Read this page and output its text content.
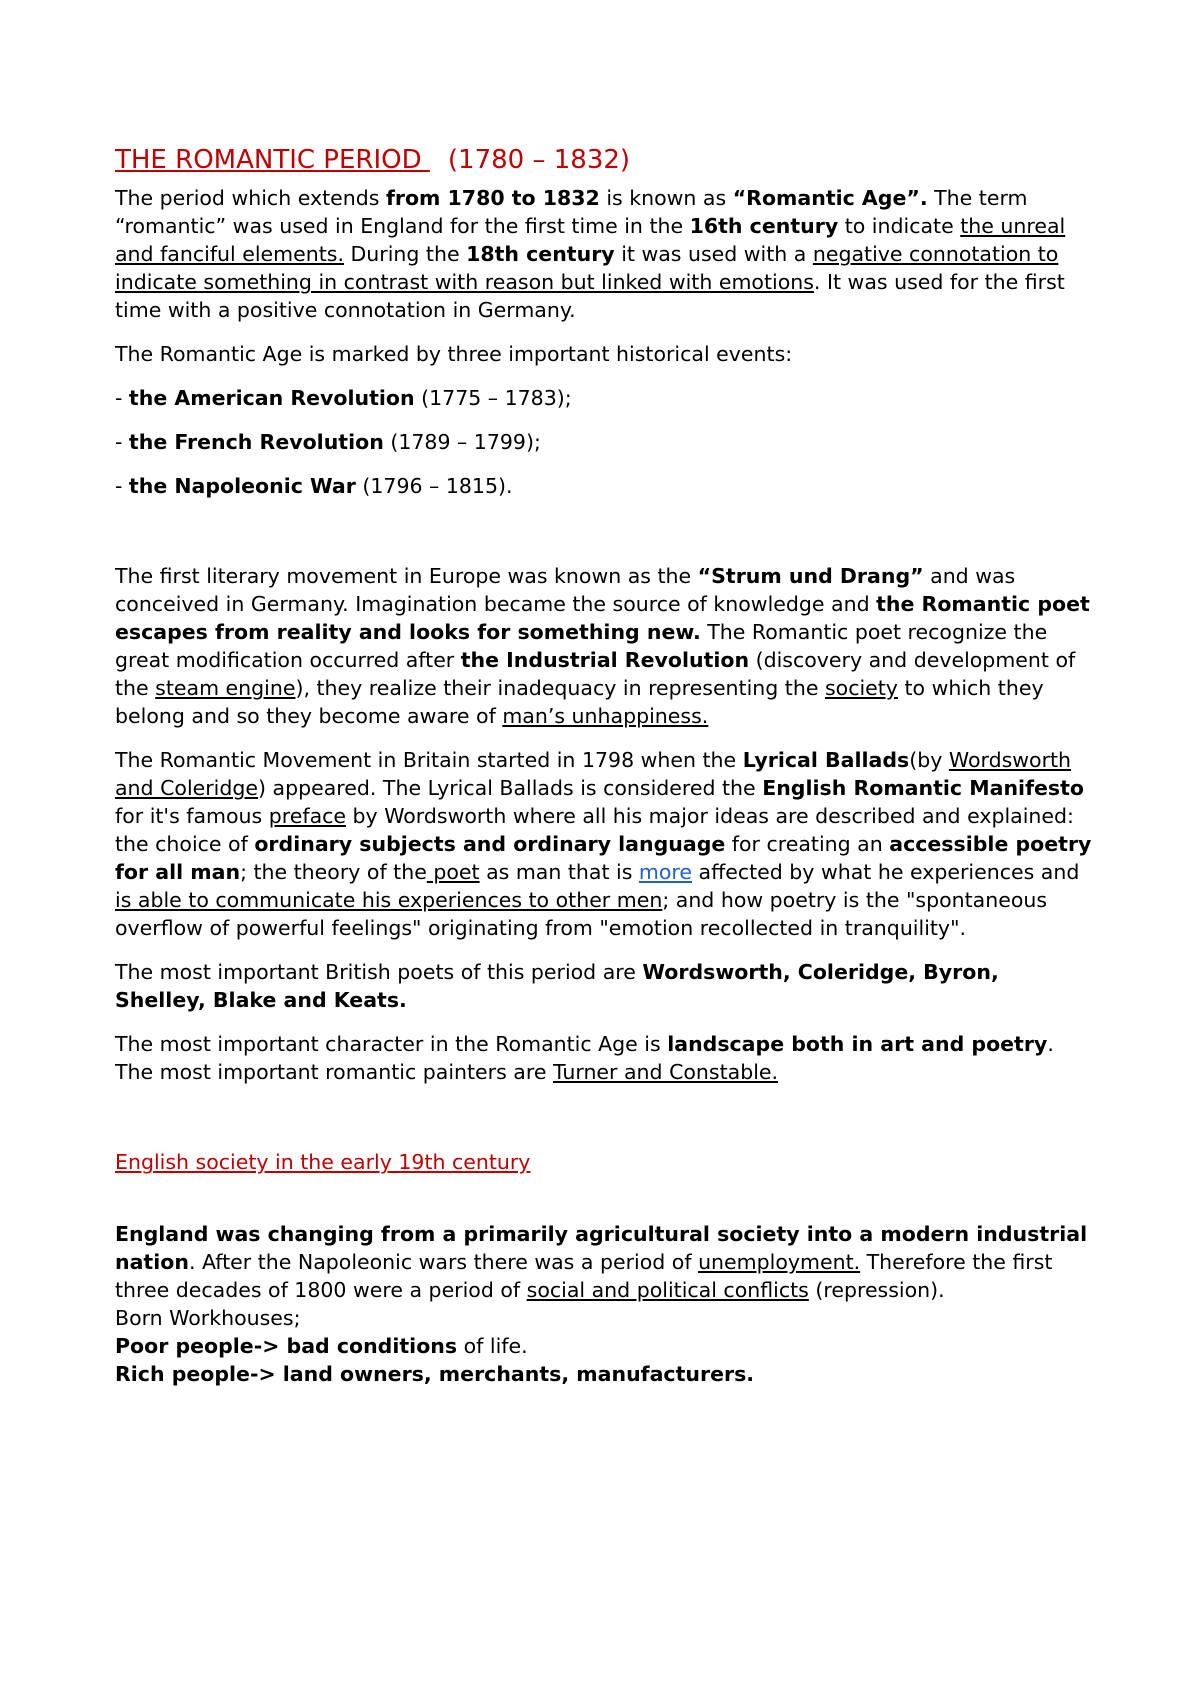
THE ROMANTIC PERIOD (1780 – 1832)

The period which extends from 1780 to 1832 is known as “Romantic Age”. The term “romantic” was used in England for the first time in the 16th century to indicate the unreal and fanciful elements. During the 18th century it was used with a negative connotation to indicate something in contrast with reason but linked with emotions. It was used for the first time with a positive connotation in Germany.

The Romantic Age is marked by three important historical events:

- the American Revolution (1775 – 1783);

- the French Revolution (1789 – 1799);

- the Napoleonic War (1796 – 1815).

The first literary movement in Europe was known as the “Strum und Drang” and was conceived in Germany. Imagination became the source of knowledge and the Romantic poet escapes from reality and looks for something new. The Romantic poet recognize the great modification occurred after the Industrial Revolution (discovery and development of the steam engine), they realize their inadequacy in representing the society to which they belong and so they become aware of man’s unhappiness.

The Romantic Movement in Britain started in 1798 when the Lyrical Ballads(by Wordsworth and Coleridge) appeared. The Lyrical Ballads is considered the English Romantic Manifesto for it's famous preface by Wordsworth where all his major ideas are described and explained: the choice of ordinary subjects and ordinary language for creating an accessible poetry for all man; the theory of the poet as man that is more affected by what he experiences and is able to communicate his experiences to other men; and how poetry is the "spontaneous overflow of powerful feelings" originating from "emotion recollected in tranquility".

The most important British poets of this period are Wordsworth, Coleridge, Byron, Shelley, Blake and Keats.

The most important character in the Romantic Age is landscape both in art and poetry. The most important romantic painters are Turner and Constable.

English society in the early 19th century

England was changing from a primarily agricultural society into a modern industrial nation. After the Napoleonic wars there was a period of unemployment. Therefore the first three decades of 1800 were a period of social and political conflicts (repression).

Born Workhouses;

Poor people-> bad conditions of life.

Rich people-> land owners, merchants, manufacturers.
